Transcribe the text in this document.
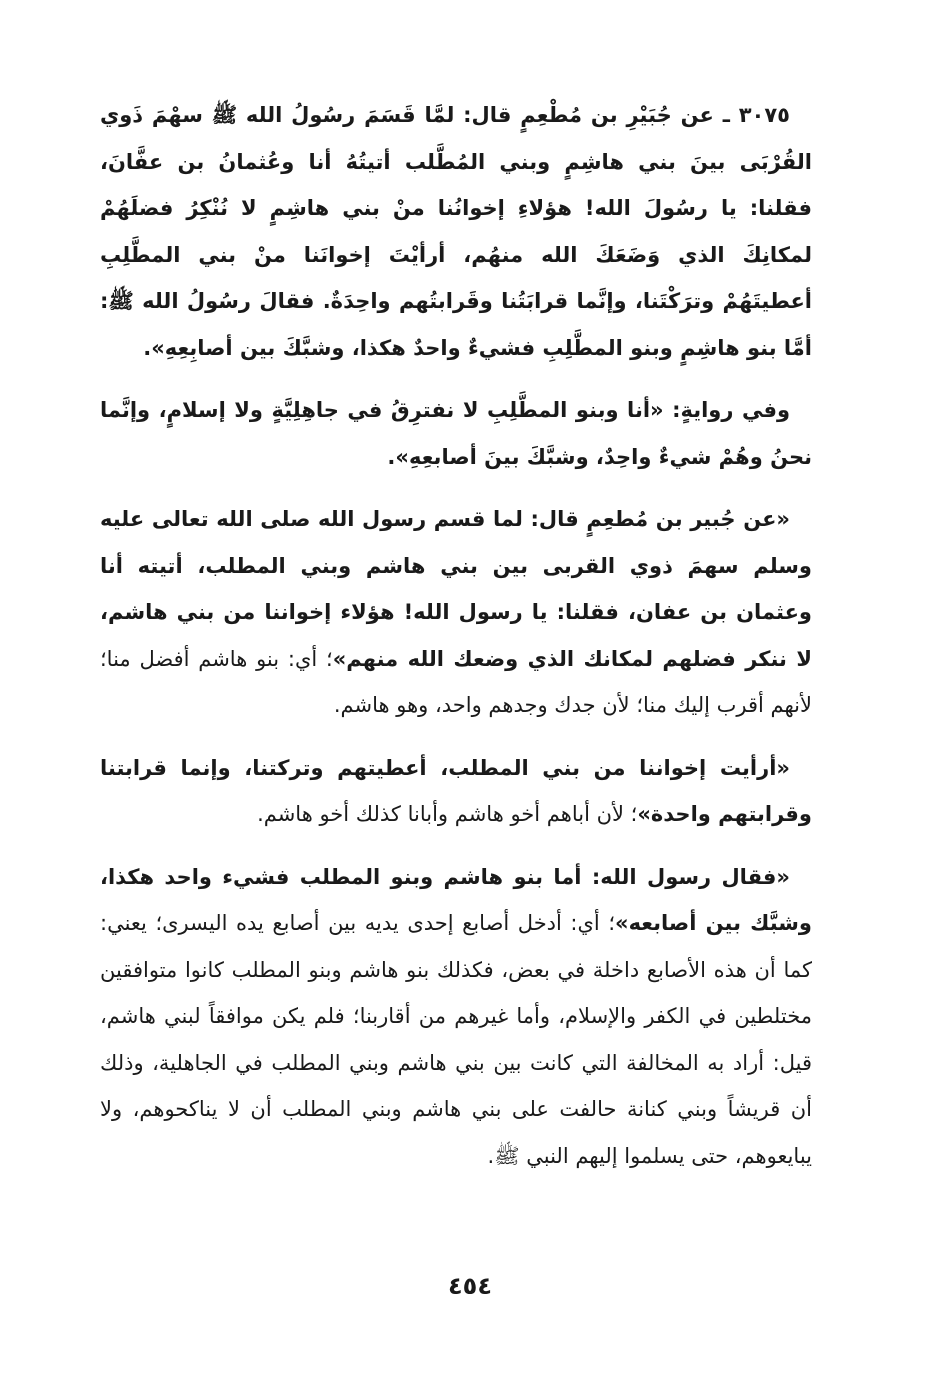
٣٠٧٥ ـ عن جُبَيْرِ بن مُطْعِمٍ قال: لمَّا قَسَمَ رسُولُ الله ﷺ سهْمَ ذَوي القُرْبَى بينَ بني هاشِمٍ وبني المُطَّلب أتيتُهُ أنا وعُثمانُ بن عفَّانَ، فقلنا: يا رسُولَ الله! هؤلاءِ إخوانُنا منْ بني هاشِمٍ لا نُنْكِرُ فضلَهُمْ لمكانِكَ الذي وَضَعَكَ الله منهُم، أرأيْتَ إخوانَنا منْ بني المطَّلِبِ أعطيتَهُمْ وترَكْتَنا، وإنَّما قرابَتُنا وقَرابتُهم واحِدَةٌ. فقالَ رسُولُ الله ﷺ: أمَّا بنو هاشِمٍ وبنو المطَّلِبِ فشيءٌ واحدٌ هكذا، وشبَّكَ بين أصابِعِهِ».

وفي روايةٍ: «أنا وبنو المطَّلِبِ لا نفترِقُ في جاهِلِيَّةٍ ولا إسلامٍ، وإنَّما نحنُ وهُمْ شيءٌ واحِدٌ، وشبَّكَ بينَ أصابعِهِ».

«عن جُبير بن مُطعِمٍ قال: لما قسم رسول الله صلى الله تعالى عليه وسلم سهمَ ذوي القربى بين بني هاشم وبني المطلب، أتيته أنا وعثمان بن عفان، فقلنا: يا رسول الله! هؤلاء إخواننا من بني هاشم، لا ننكر فضلهم لمكانك الذي وضعك الله منهم»؛ أي: بنو هاشم أفضل منا؛ لأنهم أقرب إليك منا؛ لأن جدك وجدهم واحد، وهو هاشم.

«أرأيت إخواننا من بني المطلب، أعطيتهم وتركتنا، وإنما قرابتنا وقرابتهم واحدة»؛ لأن أباهم أخو هاشم وأبانا كذلك أخو هاشم.

«فقال رسول الله: أما بنو هاشم وبنو المطلب فشيء واحد هكذا، وشبَّك بين أصابعه»؛ أي: أدخل أصابع إحدى يديه بين أصابع يده اليسرى؛ يعني: كما أن هذه الأصابع داخلة في بعض، فكذلك بنو هاشم وبنو المطلب كانوا متوافقين مختلطين في الكفر والإسلام، وأما غيرهم من أقاربنا؛ فلم يكن موافقاً لبني هاشم، قيل: أراد به المخالفة التي كانت بين بني هاشم وبني المطلب في الجاهلية، وذلك أن قريشاً وبني كنانة حالفت على بني هاشم وبني المطلب أن لا يناكحوهم، ولا يبايعوهم، حتى يسلموا إليهم النبي ﷺ.

٤٥٤
